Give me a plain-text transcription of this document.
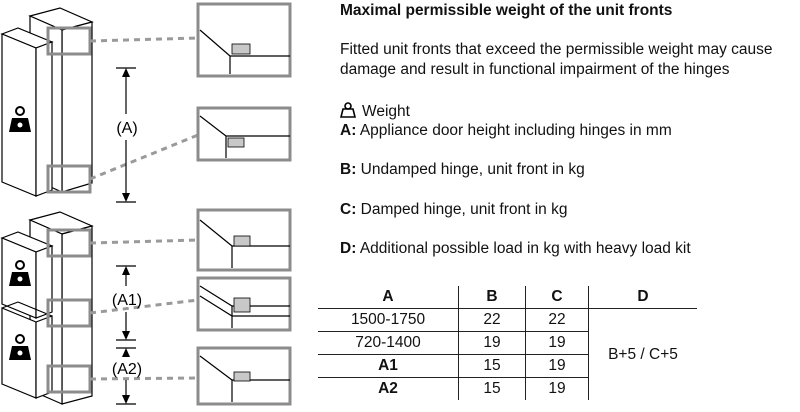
(A)
(A1)
(A2)
Maximal permissible weight of the unit fronts
Fitted unit fronts that exceed the permissible weight may cause damage and result in functional impairment of the hinges
Weight
A: Appliance door height including hinges in mm
B: Undamped hinge, unit front in kg
C: Damped hinge, unit front in kg
D: Additional possible load in kg with heavy load kit
A	B	C	D
1500-1750	22	22	
720-1400	19	19	B+5 / C+5
A1	15	19	
A2	15	19	
